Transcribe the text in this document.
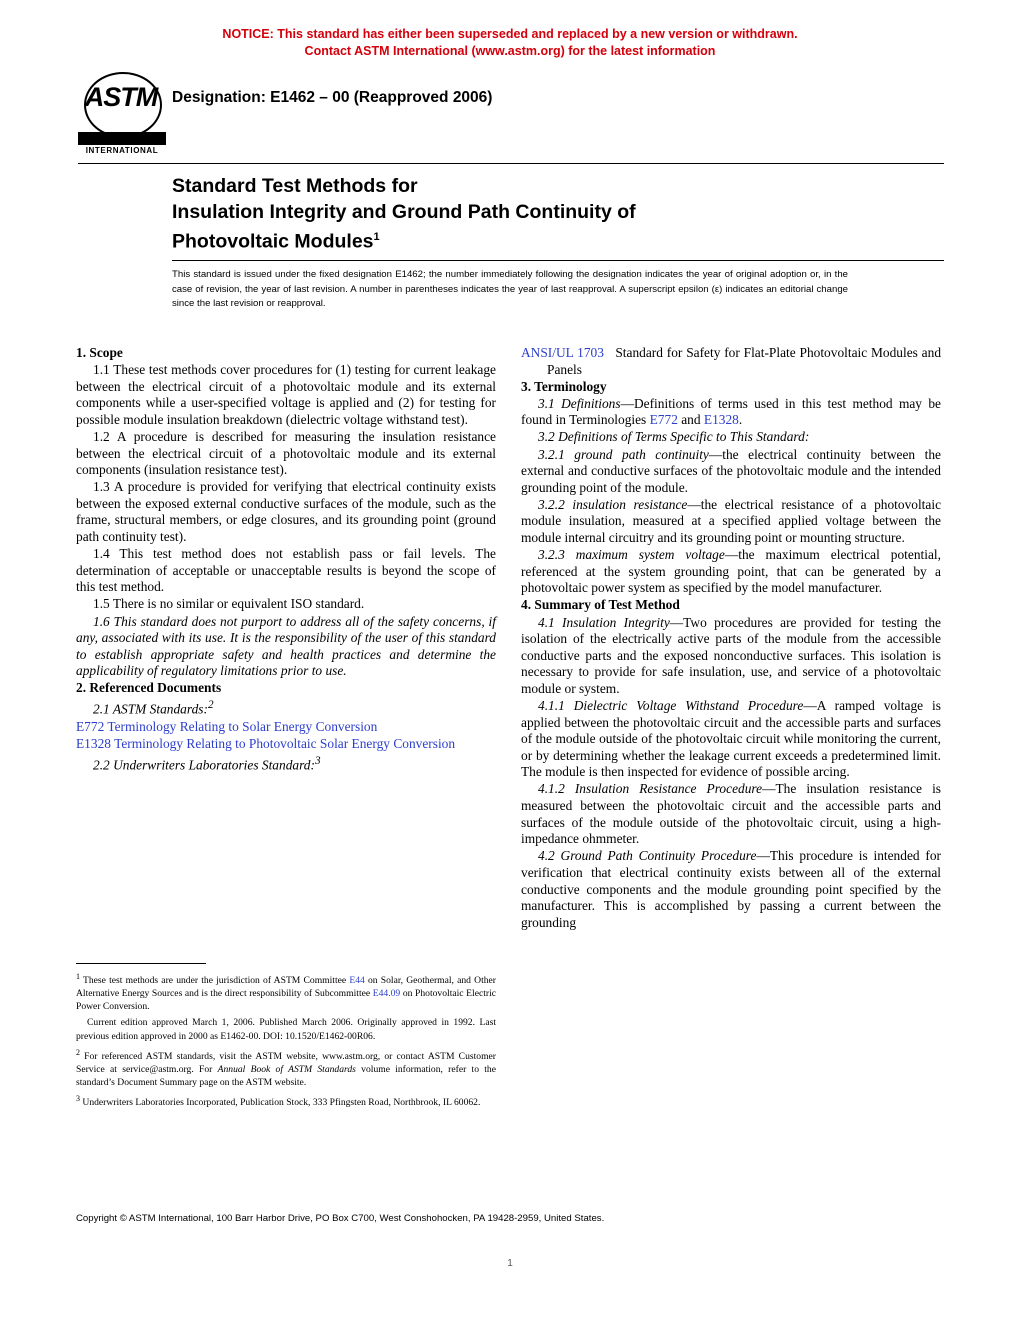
NOTICE: This standard has either been superseded and replaced by a new version or withdrawn.
Contact ASTM International (www.astm.org) for the latest information
ASTM
INTERNATIONAL
Designation: E1462 – 00 (Reapproved 2006)
Standard Test Methods for
Insulation Integrity and Ground Path Continuity of
Photovoltaic Modules$^1$
This standard is issued under the fixed designation E1462; the number immediately following the designation indicates the year of original adoption or, in the case of revision, the year of last revision. A number in parentheses indicates the year of last reapproval. A superscript epsilon (ε) indicates an editorial change since the last revision or reapproval.

1. Scope

1.1 These test methods cover procedures for (1) testing for current leakage between the electrical circuit of a photovoltaic module and its external components while a user-specified voltage is applied and (2) for testing for possible module insulation breakdown (dielectric voltage withstand test).

1.2 A procedure is described for measuring the insulation resistance between the electrical circuit of a photovoltaic module and its external components (insulation resistance test).

1.3 A procedure is provided for verifying that electrical continuity exists between the exposed external conductive surfaces of the module, such as the frame, structural members, or edge closures, and its grounding point (ground path continuity test).

1.4 This test method does not establish pass or fail levels. The determination of acceptable or unacceptable results is beyond the scope of this test method.

1.5 There is no similar or equivalent ISO standard.

1.6 This standard does not purport to address all of the safety concerns, if any, associated with its use. It is the responsibility of the user of this standard to establish appropriate safety and health practices and determine the applicability of regulatory limitations prior to use.

2. Referenced Documents

2.1 ASTM Standards:$^2$

E772 Terminology Relating to Solar Energy Conversion

E1328 Terminology Relating to Photovoltaic Solar Energy Conversion

2.2 Underwriters Laboratories Standard:$^3$

$^1$ These test methods are under the jurisdiction of ASTM Committee E44 on Solar, Geothermal, and Other Alternative Energy Sources and is the direct responsibility of Subcommittee E44.09 on Photovoltaic Electric Power Conversion.

Current edition approved March 1, 2006. Published March 2006. Originally approved in 1992. Last previous edition approved in 2000 as E1462-00. DOI: 10.1520/E1462-00R06.

$^2$ For referenced ASTM standards, visit the ASTM website, www.astm.org, or contact ASTM Customer Service at service@astm.org. For Annual Book of ASTM Standards volume information, refer to the standard’s Document Summary page on the ASTM website.

$^3$ Underwriters Laboratories Incorporated, Publication Stock, 333 Pfingsten Road, Northbrook, IL 60062.

ANSI/UL 1703 Standard for Safety for Flat-Plate Photovoltaic Modules and Panels

3. Terminology

3.1 Definitions—Definitions of terms used in this test method may be found in Terminologies E772 and E1328.

3.2 Definitions of Terms Specific to This Standard:

3.2.1 ground path continuity—the electrical continuity between the external and conductive surfaces of the photovoltaic module and the intended grounding point of the module.

3.2.2 insulation resistance—the electrical resistance of a photovoltaic module insulation, measured at a specified applied voltage between the module internal circuitry and its grounding point or mounting structure.

3.2.3 maximum system voltage—the maximum electrical potential, referenced at the system grounding point, that can be generated by a photovoltaic power system as specified by the model manufacturer.

4. Summary of Test Method

4.1 Insulation Integrity—Two procedures are provided for testing the isolation of the electrically active parts of the module from the accessible conductive parts and the exposed nonconductive surfaces. This isolation is necessary to provide for safe insulation, use, and service of a photovoltaic module or system.

4.1.1 Dielectric Voltage Withstand Procedure—A ramped voltage is applied between the photovoltaic circuit and the accessible parts and surfaces of the module outside of the photovoltaic circuit while monitoring the current, or by determining whether the leakage current exceeds a predetermined limit. The module is then inspected for evidence of possible arcing.

4.1.2 Insulation Resistance Procedure—The insulation resistance is measured between the photovoltaic circuit and the accessible parts and surfaces of the module outside of the photovoltaic circuit, using a high-impedance ohmmeter.

4.2 Ground Path Continuity Procedure—This procedure is intended for verification that electrical continuity exists between all of the external conductive components and the module grounding point specified by the manufacturer. This is accomplished by passing a current between the grounding

Copyright © ASTM International, 100 Barr Harbor Drive, PO Box C700, West Conshohocken, PA 19428-2959, United States.
1
